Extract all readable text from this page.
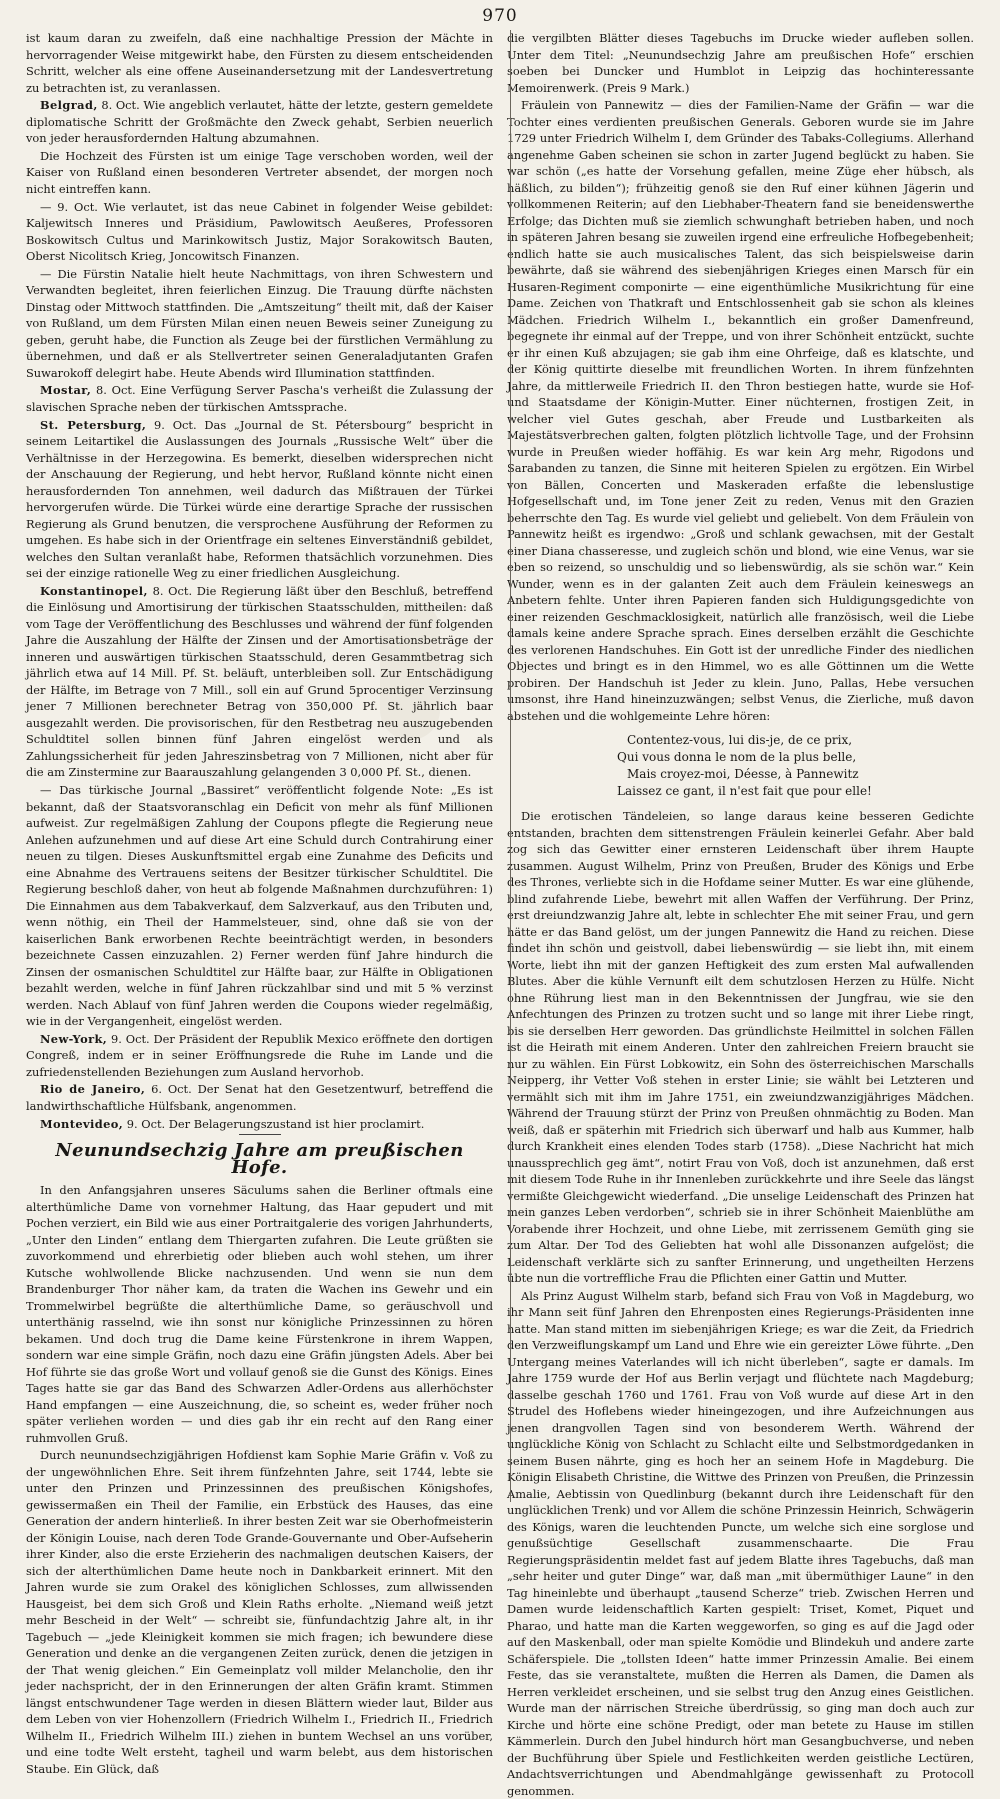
970

ist kaum daran zu zweifeln, daß eine nachhaltige Pression der Mächte in hervorragender Weise mitgewirkt habe, den Fürsten zu diesem entscheidenden Schritt, welcher als eine offene Auseinandersetzung mit der Landesvertretung zu betrachten ist, zu veranlassen.

Belgrad, 8. Oct. Wie angeblich verlautet, hätte der letzte, gestern gemeldete diplomatische Schritt der Großmächte den Zweck gehabt, Serbien neuerlich von jeder herausfordernden Haltung abzumahnen.

Die Hochzeit des Fürsten ist um einige Tage verschoben worden, weil der Kaiser von Rußland einen besonderen Vertreter absendet, der morgen noch nicht eintreffen kann.

— 9. Oct. Wie verlautet, ist das neue Cabinet in folgender Weise gebildet: Kaljewitsch Inneres und Präsidium, Pawlowitsch Aeußeres, Professoren Boskowitsch Cultus und Marinkowitsch Justiz, Major Sorakowitsch Bauten, Oberst Nicolitsch Krieg, Joncowitsch Finanzen.

— Die Fürstin Natalie hielt heute Nachmittags, von ihren Schwestern und Verwandten begleitet, ihren feierlichen Einzug. Die Trauung dürfte nächsten Dinstag oder Mittwoch stattfinden. Die „Amtszeitung“ theilt mit, daß der Kaiser von Rußland, um dem Fürsten Milan einen neuen Beweis seiner Zuneigung zu geben, geruht habe, die Function als Zeuge bei der fürstlichen Vermählung zu übernehmen, und daß er als Stellvertreter seinen Generaladjutanten Grafen Suwarokoff delegirt habe. Heute Abends wird Illumination stattfinden.

Mostar, 8. Oct. Eine Verfügung Server Pascha's verheißt die Zulassung der slavischen Sprache neben der türkischen Amtssprache.

St. Petersburg, 9. Oct. Das „Journal de St. Pétersbourg“ bespricht in seinem Leitartikel die Auslassungen des Journals „Russische Welt“ über die Verhältnisse in der Herzegowina. Es bemerkt, dieselben widersprechen nicht der Anschauung der Regierung, und hebt hervor, Rußland könnte nicht einen herausfordernden Ton annehmen, weil dadurch das Mißtrauen der Türkei hervorgerufen würde. Die Türkei würde eine derartige Sprache der russischen Regierung als Grund benutzen, die versprochene Ausführung der Reformen zu umgehen. Es habe sich in der Orientfrage ein seltenes Einverständniß gebildet, welches den Sultan veranlaßt habe, Reformen thatsächlich vorzunehmen. Dies sei der einzige rationelle Weg zu einer friedlichen Ausgleichung.

Konstantinopel, 8. Oct. Die Regierung läßt über den Beschluß, betreffend die Einlösung und Amortisirung der türkischen Staatsschulden, mittheilen: daß vom Tage der Veröffentlichung des Beschlusses und während der fünf folgenden Jahre die Auszahlung der Hälfte der Zinsen und der Amortisationsbeträge der inneren und auswärtigen türkischen Staatsschuld, deren Gesammtbetrag sich jährlich etwa auf 14 Mill. Pf. St. beläuft, unterbleiben soll. Zur Entschädigung der Hälfte, im Betrage von 7 Mill., soll ein auf Grund 5procentiger Verzinsung jener 7 Millionen berechneter Betrag von 350,000 Pf. St. jährlich baar ausgezahlt werden. Die provisorischen, für den Restbetrag neu auszugebenden Schuldtitel sollen binnen fünf Jahren eingelöst werden und als Zahlungssicherheit für jeden Jahreszinsbetrag von 7 Millionen, nicht aber für die am Zinstermine zur Baarauszahlung gelangenden 3 0,000 Pf. St., dienen.

— Das türkische Journal „Bassiret“ veröffentlicht folgende Note: „Es ist bekannt, daß der Staatsvoranschlag ein Deficit von mehr als fünf Millionen aufweist. Zur regelmäßigen Zahlung der Coupons pflegte die Regierung neue Anlehen aufzunehmen und auf diese Art eine Schuld durch Contrahirung einer neuen zu tilgen. Dieses Auskunftsmittel ergab eine Zunahme des Deficits und eine Abnahme des Vertrauens seitens der Besitzer türkischer Schuldtitel. Die Regierung beschloß daher, von heut ab folgende Maßnahmen durchzuführen: 1) Die Einnahmen aus dem Tabakverkauf, dem Salzverkauf, aus den Tributen und, wenn nöthig, ein Theil der Hammelsteuer, sind, ohne daß sie von der kaiserlichen Bank erworbenen Rechte beeinträchtigt werden, in besonders bezeichnete Cassen einzuzahlen. 2) Ferner werden fünf Jahre hindurch die Zinsen der osmanischen Schuldtitel zur Hälfte baar, zur Hälfte in Obligationen bezahlt werden, welche in fünf Jahren rückzahlbar sind und mit 5 % verzinst werden. Nach Ablauf von fünf Jahren werden die Coupons wieder regelmäßig, wie in der Vergangenheit, eingelöst werden.

New-York, 9. Oct. Der Präsident der Republik Mexico eröffnete den dortigen Congreß, indem er in seiner Eröffnungsrede die Ruhe im Lande und die zufriedenstellenden Beziehungen zum Ausland hervorhob.

Rio de Janeiro, 6. Oct. Der Senat hat den Gesetzentwurf, betreffend die landwirthschaftliche Hülfsbank, angenommen.

Montevideo, 9. Oct. Der Belagerungszustand ist hier proclamirt.

Neunundsechzig Jahre am preußischen Hofe.

In den Anfangsjahren unseres Säculums sahen die Berliner oftmals eine alterthümliche Dame von vornehmer Haltung, das Haar gepudert und mit Pochen verziert, ein Bild wie aus einer Portraitgalerie des vorigen Jahrhunderts, „Unter den Linden“ entlang dem Thiergarten zufahren. Die Leute grüßten sie zuvorkommend und ehrerbietig oder blieben auch wohl stehen, um ihrer Kutsche wohlwollende Blicke nachzusenden. Und wenn sie nun dem Brandenburger Thor näher kam, da traten die Wachen ins Gewehr und ein Trommelwirbel begrüßte die alterthümliche Dame, so geräuschvoll und unterthänig rasselnd, wie ihn sonst nur königliche Prinzessinnen zu hören bekamen. Und doch trug die Dame keine Fürstenkrone in ihrem Wappen, sondern war eine simple Gräfin, noch dazu eine Gräfin jüngsten Adels. Aber bei Hof führte sie das große Wort und vollauf genoß sie die Gunst des Königs. Eines Tages hatte sie gar das Band des Schwarzen Adler-Ordens aus allerhöchster Hand empfangen — eine Auszeichnung, die, so scheint es, weder früher noch später verliehen worden — und dies gab ihr ein recht auf den Rang einer ruhmvollen Gruß.

Durch neunundsechzigjährigen Hofdienst kam Sophie Marie Gräfin v. Voß zu der ungewöhnlichen Ehre. Seit ihrem fünfzehnten Jahre, seit 1744, lebte sie unter den Prinzen und Prinzessinnen des preußischen Königshofes, gewissermaßen ein Theil der Familie, ein Erbstück des Hauses, das eine Generation der andern hinterließ. In ihrer besten Zeit war sie Oberhofmeisterin der Königin Louise, nach deren Tode Grande-Gouvernante und Ober-Aufseherin ihrer Kinder, also die erste Erzieherin des nachmaligen deutschen Kaisers, der sich der alterthümlichen Dame heute noch in Dankbarkeit erinnert. Mit den Jahren wurde sie zum Orakel des königlichen Schlosses, zum allwissenden Hausgeist, bei dem sich Groß und Klein Raths erholte. „Niemand weiß jetzt mehr Bescheid in der Welt“ — schreibt sie, fünfundachtzig Jahre alt, in ihr Tagebuch — „jede Kleinigkeit kommen sie mich fragen; ich bewundere diese Generation und denke an die vergangenen Zeiten zurück, denen die jetzigen in der That wenig gleichen.“ Ein Gemeinplatz voll milder Melancholie, den ihr jeder nachspricht, der in den Erinnerungen der alten Gräfin kramt. Stimmen längst entschwundener Tage werden in diesen Blättern wieder laut, Bilder aus dem Leben von vier Hohenzollern (Friedrich Wilhelm I., Friedrich II., Friedrich Wilhelm II., Friedrich Wilhelm III.) ziehen in buntem Wechsel an uns vorüber, und eine todte Welt ersteht, tagheil und warm belebt, aus dem historischen Staube. Ein Glück, daß

die vergilbten Blätter dieses Tagebuchs im Drucke wieder aufleben sollen. Unter dem Titel: „Neunundsechzig Jahre am preußischen Hofe“ erschien soeben bei Duncker und Humblot in Leipzig das hochinteressante Memoirenwerk. (Preis 9 Mark.)

Fräulein von Pannewitz — dies der Familien-Name der Gräfin — war die Tochter eines verdienten preußischen Generals. Geboren wurde sie im Jahre 1729 unter Friedrich Wilhelm I, dem Gründer des Tabaks-Collegiums. Allerhand angenehme Gaben scheinen sie schon in zarter Jugend beglückt zu haben. Sie war schön („es hatte der Vorsehung gefallen, meine Züge eher hübsch, als häßlich, zu bilden“); frühzeitig genoß sie den Ruf einer kühnen Jägerin und vollkommenen Reiterin; auf den Liebhaber-Theatern fand sie beneidenswerthe Erfolge; das Dichten muß sie ziemlich schwunghaft betrieben haben, und noch in späteren Jahren besang sie zuweilen irgend eine erfreuliche Hofbegebenheit; endlich hatte sie auch musicalisches Talent, das sich beispielsweise darin bewährte, daß sie während des siebenjährigen Krieges einen Marsch für ein Husaren-Regiment componirte — eine eigenthümliche Musikrichtung für eine Dame. Zeichen von Thatkraft und Entschlossenheit gab sie schon als kleines Mädchen. Friedrich Wilhelm I., bekanntlich ein großer Damenfreund, begegnete ihr einmal auf der Treppe, und von ihrer Schönheit entzückt, suchte er ihr einen Kuß abzujagen; sie gab ihm eine Ohrfeige, daß es klatschte, und der König quittirte dieselbe mit freundlichen Worten. In ihrem fünfzehnten Jahre, da mittlerweile Friedrich II. den Thron bestiegen hatte, wurde sie Hof- und Staatsdame der Königin-Mutter. Einer nüchternen, frostigen Zeit, in welcher viel Gutes geschah, aber Freude und Lustbarkeiten als Majestätsverbrechen galten, folgten plötzlich lichtvolle Tage, und der Frohsinn wurde in Preußen wieder hoffähig. Es war kein Arg mehr, Rigodons und Sarabanden zu tanzen, die Sinne mit heiteren Spielen zu ergötzen. Ein Wirbel von Bällen, Concerten und Maskeraden erfaßte die lebenslustige Hofgesellschaft und, im Tone jener Zeit zu reden, Venus mit den Grazien beherrschte den Tag. Es wurde viel geliebt und geliebelt. Von dem Fräulein von Pannewitz heißt es irgendwo: „Groß und schlank gewachsen, mit der Gestalt einer Diana chasseresse, und zugleich schön und blond, wie eine Venus, war sie eben so reizend, so unschuldig und so liebenswürdig, als sie schön war.“ Kein Wunder, wenn es in der galanten Zeit auch dem Fräulein keineswegs an Anbetern fehlte. Unter ihren Papieren fanden sich Huldigungsgedichte von einer reizenden Geschmacklosigkeit, natürlich alle französisch, weil die Liebe damals keine andere Sprache sprach. Eines derselben erzählt die Geschichte des verlorenen Handschuhes. Ein Gott ist der unredliche Finder des niedlichen Objectes und bringt es in den Himmel, wo es alle Göttinnen um die Wette probiren. Der Handschuh ist Jeder zu klein. Juno, Pallas, Hebe versuchen umsonst, ihre Hand hineinzuzwängen; selbst Venus, die Zierliche, muß davon abstehen und die wohlgemeinte Lehre hören:

Contentez-vous, lui dis-je, de ce prix,
Qui vous donna le nom de la plus belle,
Mais croyez-moi, Déesse, à Pannewitz
Laissez ce gant, il n'est fait que pour elle!

Die erotischen Tändeleien, so lange daraus keine besseren Gedichte entstanden, brachten dem sittenstrengen Fräulein keinerlei Gefahr. Aber bald zog sich das Gewitter einer ernsteren Leidenschaft über ihrem Haupte zusammen. August Wilhelm, Prinz von Preußen, Bruder des Königs und Erbe des Thrones, verliebte sich in die Hofdame seiner Mutter. Es war eine glühende, blind zufahrende Liebe, bewehrt mit allen Waffen der Verführung. Der Prinz, erst dreiundzwanzig Jahre alt, lebte in schlechter Ehe mit seiner Frau, und gern hätte er das Band gelöst, um der jungen Pannewitz die Hand zu reichen. Diese findet ihn schön und geistvoll, dabei liebenswürdig — sie liebt ihn, mit einem Worte, liebt ihn mit der ganzen Heftigkeit des zum ersten Mal aufwallenden Blutes. Aber die kühle Vernunft eilt dem schutzlosen Herzen zu Hülfe. Nicht ohne Rührung liest man in den Bekenntnissen der Jungfrau, wie sie den Anfechtungen des Prinzen zu trotzen sucht und so lange mit ihrer Liebe ringt, bis sie derselben Herr geworden. Das gründlichste Heilmittel in solchen Fällen ist die Heirath mit einem Anderen. Unter den zahlreichen Freiern braucht sie nur zu wählen. Ein Fürst Lobkowitz, ein Sohn des österreichischen Marschalls Neipperg, ihr Vetter Voß stehen in erster Linie; sie wählt bei Letzteren und vermählt sich mit ihm im Jahre 1751, ein zweiundzwanzigjähriges Mädchen. Während der Trauung stürzt der Prinz von Preußen ohnmächtig zu Boden. Man weiß, daß er späterhin mit Friedrich sich überwarf und halb aus Kummer, halb durch Krankheit eines elenden Todes starb (1758). „Diese Nachricht hat mich unaussprechlich geg ämt“, notirt Frau von Voß, doch ist anzunehmen, daß erst mit diesem Tode Ruhe in ihr Innenleben zurückkehrte und ihre Seele das längst vermißte Gleichgewicht wiederfand. „Die unselige Leidenschaft des Prinzen hat mein ganzes Leben verdorben“, schrieb sie in ihrer Schönheit Maienblüthe am Vorabende ihrer Hochzeit, und ohne Liebe, mit zerrissenem Gemüth ging sie zum Altar. Der Tod des Geliebten hat wohl alle Dissonanzen aufgelöst; die Leidenschaft verklärte sich zu sanfter Erinnerung, und ungetheilten Herzens übte nun die vortreffliche Frau die Pflichten einer Gattin und Mutter.

Als Prinz August Wilhelm starb, befand sich Frau von Voß in Magdeburg, wo ihr Mann seit fünf Jahren den Ehrenposten eines Regierungs-Präsidenten inne hatte. Man stand mitten im siebenjährigen Kriege; es war die Zeit, da Friedrich den Verzweiflungskampf um Land und Ehre wie ein gereizter Löwe führte. „Den Untergang meines Vaterlandes will ich nicht überleben“, sagte er damals. Im Jahre 1759 wurde der Hof aus Berlin verjagt und flüchtete nach Magdeburg; dasselbe geschah 1760 und 1761. Frau von Voß wurde auf diese Art in den Strudel des Hoflebens wieder hineingezogen, und ihre Aufzeichnungen aus jenen drangvollen Tagen sind von besonderem Werth. Während der unglückliche König von Schlacht zu Schlacht eilte und Selbstmordgedanken in seinem Busen nährte, ging es hoch her an seinem Hofe in Magdeburg. Die Königin Elisabeth Christine, die Wittwe des Prinzen von Preußen, die Prinzessin Amalie, Aebtissin von Quedlinburg (bekannt durch ihre Leidenschaft für den unglücklichen Trenk) und vor Allem die schöne Prinzessin Heinrich, Schwägerin des Königs, waren die leuchtenden Puncte, um welche sich eine sorglose und genußsüchtige Gesellschaft zusammenschaarte. Die Frau Regierungspräsidentin meldet fast auf jedem Blatte ihres Tagebuchs, daß man „sehr heiter und guter Dinge“ war, daß man „mit übermüthiger Laune“ in den Tag hineinlebte und überhaupt „tausend Scherze“ trieb. Zwischen Herren und Damen wurde leidenschaftlich Karten gespielt: Triset, Komet, Piquet und Pharao, und hatte man die Karten weggeworfen, so ging es auf die Jagd oder auf den Maskenball, oder man spielte Komödie und Blindekuh und andere zarte Schäferspiele. Die „tollsten Ideen“ hatte immer Prinzessin Amalie. Bei einem Feste, das sie veranstaltete, mußten die Herren als Damen, die Damen als Herren verkleidet erscheinen, und sie selbst trug den Anzug eines Geistlichen. Wurde man der närrischen Streiche überdrüssig, so ging man doch auch zur Kirche und hörte eine schöne Predigt, oder man betete zu Hause im stillen Kämmerlein. Durch den Jubel hindurch hört man Gesangbuchverse, und neben der Buchführung über Spiele und Festlichkeiten werden geistliche Lectüren, Andachtsverrichtungen und Abendmahlgänge gewissenhaft zu Protocoll genommen.
